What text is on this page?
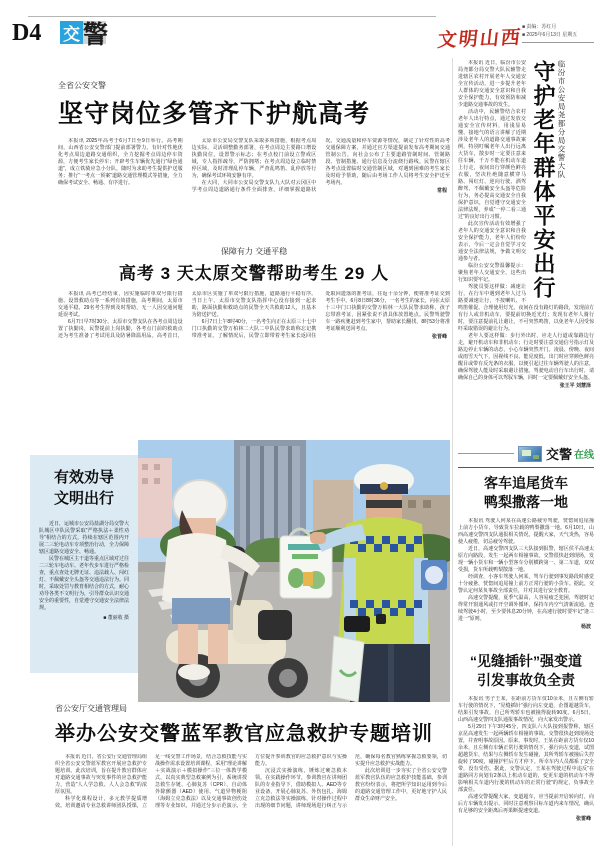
D4 交 警	文明山西
■ 责编：苏红月
■ 2025年6月13日 星期五
全省公安交警
坚守岗位多管齐下护航高考

本报讯 2025年高考于6月7日至9日举行。高考期间，山西省公安交警部门提前部署警力，有针对性地优化考点周边道路交通组织，全力挖掘考点周边停车资源，方便考生家长停车；开辟考生车辆优先通行“绿色通道”，成立铁骑应急小分队，随时为求助考生提供护送服务；推行“一考点一预案”道路交通管理模式等措施，全力确保考试安全、畅通、有序进行。

太原市公安局交警支队采取多项措施，根据考点周边实际，灵活调整勤务部署，在考点周边主要路口增设执勤岗位，设置警示标志；在考点校门前设立警戒区域，专人指挥疏导，严防拥堵；在考点周边设立临时禁停区域，及时清理乱停车辆，严查乱鸣笛、乱停放等行为，确保考试环境安静有序。

在大同，大同市公安局交警支队九大队对云冈区中学考点周边道路通行条件全面排查，详细掌握道路状况、交通流量和停车资源等情况，制定了针对性的高考交通保障方案，并通过官方渠道提前发布高考期间交通管制公告，向社会公布了主要道路管制时间、管制路段、管制措施、通行信息及分流绕行路线。民警在辖区各考点设置临时交通管制区域，对遇到困难的考生家长及时给予帮助，随后由考场工作人员将考生安全护送至考场内。

常程
保障有力 交通平稳
高考 3 天太原交警帮助考生 29 人

本报讯 高考已经结束，因实施临时单双号限行措施、设置救助点等一系列有效措施，高考期间，太原市交通平稳，29名考生得到及时帮助，无一人因交通问题延误考试。

6月7日早7时30分，太原市交警支队在各考点周边设置了执勤岗，民警提前上岗执勤，各考点门前的救助点还为考生准备了考试用具及防暑降温用品。高考首日，太原市区实施了单双号限行措施，道路通行平稳有序。当日上午，太原市交警支队指挥中心没有接到一起求助，路面执勤和救助点的民警全天共救助12人，且基本为陪送护送。

6月7日上午8时40分，一名考生向正在太原三十七中门口执勤的交警万柏林二大队二中队民警求助称忘记携带准考证。了解情况后，民警立即带着考生家长返回住处取回遗落的准考证，往返十余分钟，便将准考证交到考生手中。6月8日8时36分，一名考生的家长，向在太原十三中门口执勤的交警万柏林一大队民警求助称，孩子忘带准考证，因紧张说不清具体放置地点。民警驾驶警车一路疾驰赶到考生家中，帮助家长翻找，8时53分将准考证顺利送回考点。

张晋峰
守护老年群体平安出行 临汾市公安局尧都分局交警大队

本报讯 近日，临汾市公安局尧都分局交警大队民辅警走进辖区农村开展老年人交通安全宣传活动，进一步提升老年人群体的交通安全意识和自我安全保护能力，有效预防和减少道路交通事故的发生。

活动中，民辅警结合农村老年人出行特点，通过发放交通安全宣传材料，用浅显易懂、接地气的语言讲解了近期涉及老年人的道路交通事故案例，特别叮嘱老年人出行远离大货车，散步时一定要注意来往车辆，千万不能在机动车道上行走，夜间出行穿颜色鲜亮衣服，坚决杜绝随意横穿马路、闯红灯、逆向行驶、酒驾醉驾、不佩戴安全头盔等危险行为，务必提高交通安全自我保护意识，自觉遵守交通安全法律法规，养成“一停二看三通过”的良好出行习惯。

此次宣传活动有效增强了老年人的交通安全意识和自我安全保护能力，老年人们纷纷表示，今后一定会自觉学习交通安全法律法规，争做文明交通参与者。

临汾公安交警温馨提示：聚焦老年人交通安全，这些出行知识要牢记。

驾驶员要这样做：减速让行，在行车中遇到老年人过马路要减速让行，不按喇叭、不鸣笛催促。合理使用灯光，夜间在没有路灯的路段，发现前方有行人或非机动车，要提前切换近光灯；发现有老年人骑行时，要注意提前礼让避让，不可突然鸣笛，以免老年人因受惊吓采取错误的避让行为。

老年人要这样做：步行外出时，应走人行道或靠路边行走，避开机动车和非机动车；行走时要注意交通信号指示灯及路边停止车辆的动态，小心车辆突然开门。凌晨、傍晚、夜间或雨雪天气下，因视线不良、能见度低，出门时应穿颜色鲜亮醒目或带有反光条的衣服，以便引起过往车辆驾驶人的注意，确保驾驶人能及时采取避让措施。驾驶电动自行车出行时，请确保自己的身体可以驾驭车辆，同时一定要佩戴好安全头盔。

张王平 刘慧泽
交警 在线
客车追尾货车
鸭梨撒落一地

本报讯 驾驶人何某在高速公路疲劳驾驶，恍惚间追尾撞上前方小货车，导致货车拉载的鸭梨撒落一地。6月10日，山西高速交警四支队通报相关情况，提醒大家，天气炎热，容易使人疲倦，切忌疲劳驾驶。

近日，高速交警四支队三大队接到报警，辖区侯平高速太原方向路段，发生一起两车相撞事故。交警很快赶到现场，发现一辆小货车和一辆小型客车分别横跨第一、第二车道，双双受损，货车所载鸭梨散落一地。

经调查，小客车驾驶人何某，驾车行驶到事发路段时感觉十分疲惫，恍惚间追尾撞上前方正常行驶的小货车。据此，交警认定何某负事故全部责任，并对其进行安全教育。

高速交警提醒，夏季气温高，人容易疲乏犯困，驾驶时记得常开窗通风或打开空调外循环，保持车内空气清新流通。连续驾驶4小时，至少要休息20分钟，在高速行驶时要牢记“逢三进一”原则。

杨波
“见缝插针”强变道
引发事故负全责

本报讯 男子王某，在距前方货车仅10余米，且左侧有轿车行驶的情况下，“见缝插针”强行向左变道，企图超越货车，结果引发事故，自己所驾轿车也被撞得旋转90度。6月5日，山西高速交警四支队通报事故情况，向大家发出警示。

5月29日下午3时45分，四支队六大队接到报警称，辖区京昆高速发生一起两辆轿车相撞的事故。交警很快赶到现场处置，并查明事故原因。原来，事发时，王某在距前方货车仅10余米，且左侧有车辆正常行驶的情况下，强行向左变道，试图超越货车，结果与左侧轿车发生碰撞，其所驾轿车被撞后失控旋转了90度，碰撞护栏后方才停下。所幸车内人员都系了安全带，没有受伤。据此，交警认定，王某在驾驶过程中违反“在道路同方向划有2条以上机动车道的，变更车道的机动车不得影响相关车道内行驶的机动车的正常行驶”的规定，负事故全部责任。

高速交警提醒大家，变道超车，应当提前开启转向灯，向后方车辆发出提示，同时注意观察目标车道内来车情况，确认有足够的安全距离后再果断提速变道。

张雷峰
有效劝导
文明出行

近日，运城市公安局盐湖分局交警大队城区中队民警采取“严格执法＋柔性劝导”相结合的方式，持续在辖区范围内开展二三轮电动车专项整治行动，全力保障辖区道路交通安全、畅通。

民警在城区主干道等重点区域对过往二三轮车电动车、老年代步车进行严格检查，重点查处无牌无证、违法载人、闯红灯、不佩戴安全头盔等交通违法行为。同时，采取处罚与教育相结合的方式，耐心劝导各类不文明行为，引导群众认识交通安全的重要性，自觉遵守交通安全法律法规。

■ 董丽收 摄
省公安厅交通管理局
举办公安交警蓝军教官应急救护专题培训

本报讯 近日，省公安厅交通管理局组织全省公安交警蓝军教官开展应急救护专题培训。此次培训，旨在提升教官群体应对道路交通事故与突发事件的应急救护能力，营造“人人学急救、人人会急救”的浓厚氛围。

科学化课程设计，多元教学提质增效。培训邀请专业急救讲师团队授课，立足一线交警工作场景，结合急救技能与实战操作需求设置培训课程，采用“理论讲解＋实战演示＋模拟操作”三位一体教学模式，以真实典型急救案例为引，系统讲授急救生存链、心肺复苏（CPR）、自动体外除颤器（AED）使用、气道异物梗阻（海姆立克急救法）以及交通事故创伤处理等专业知识，并通过分步示范演示，全方位提升参训教官的应急救护意识与实操能力。

沉浸式实操演练，锤炼过硬急救本领。在实践操作环节，参训教官在讲师团队的专业指导下，借助模拟人、AED等专业设备，开展心肺复苏、外伤包扎、海姆立克急救法等实操演练，针对操作过程中出现的细节问题，讲师现场进行纠正与示范，确保每名教官熟练掌握急救要领，切实提升应急救护实战能力。

此次培训进一步夯实了全省公安交警蓝军教官队伍的应急救护技能基础，参训教官纷纷表示，将把所学知识运用到今后的道路交通管理工作中，更好地守护人民群众生命财产安全。
